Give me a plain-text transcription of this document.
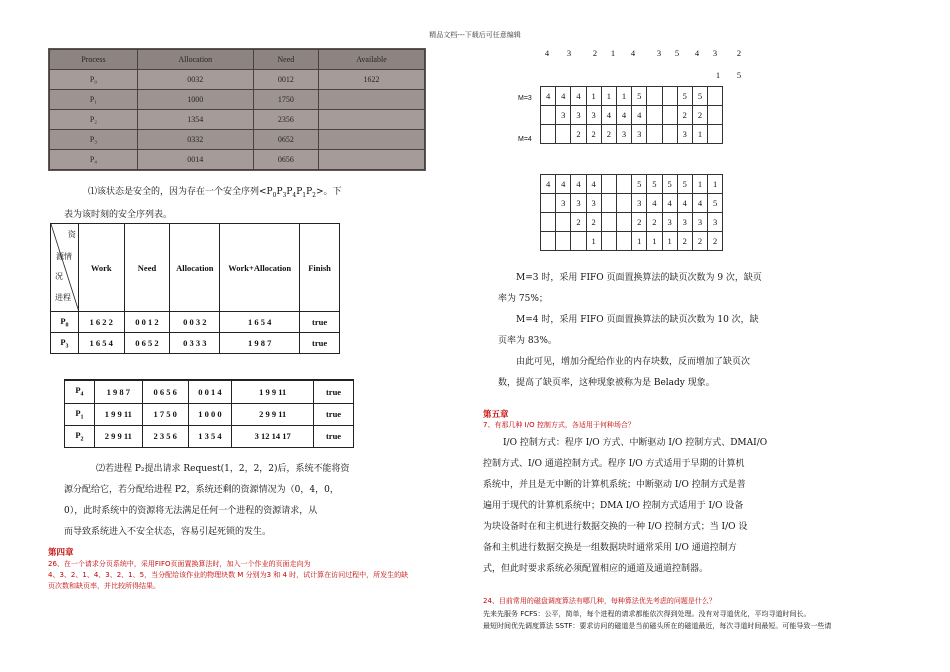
精品文档---下载后可任意编辑
Process	Allocation	Need	Available
P₀	0032	0012	1622
P₁	1000	1750	
P₂	1354	2356	
P₃	0332	0652	
P₄	0014	0656	
⑴该状态是安全的，因为存在一个安全序列$<P_0P_3P_4P_1P_2>$。下
表为该时刻的安全序列表。
资
源情
况
进程	Work	Need	Allocation	Work+Allocation	Finish
$P_0$	1 6 2 2	0 0 1 2	0 0 3 2	1 6 5 4	true
$P_3$	1 6 5 4	0 6 5 2	0 3 3 3	1 9 8 7	true
$P_4$	1 9 8 7	0 6 5 6	0 0 1 4	1 9 9 11	true
$P_1$	1 9 9 11	1 7 5 0	1 0 0 0	2 9 9 11	true
$P_2$	2 9 9 11	2 3 5 6	1 3 5 4	3 12 14 17	true
⑵若进程 P₂提出请求 Request(1，2，2，2)后，系统不能将资
源分配给它，若分配给进程 P2，系统还剩的资源情况为（0，4，0，
0），此时系统中的资源将无法满足任何一个进程的资源请求，从
而导致系统进入不安全状态，容易引起死锁的发生。
第四章
26、在一个请求分页系统中，采用FIFO页面置换算法时，加入一个作业的页面走向为
4、3、2、1、4、3、2、1、5，当分配给该作业的物理块数 M 分别为3 和 4 时，试计算在访问过程中，所发生的缺
页次数和缺页率，并比较所得结果。
4	3	2	1	4	3	5	4	3	2
1	5
M=3
M=4
4	4	4	1	1	1	5			5	5	
	3	3	3	4	4	4			2	2	
		2	2	2	3	3			3	1	
4	4	4	4			5	5	5	5	1	1
	3	3	3			3	4	4	4	4	5
		2	2			2	2	3	3	3	3
			1			1	1	1	2	2	2
M=3 时，采用 FIFO 页面置换算法的缺页次数为 9 次，缺页
率为 75%；
M=4 时，采用 FIFO 页面置换算法的缺页次数为 10 次，缺
页率为 83%。
由此可见，增加分配给作业的内存块数，反而增加了缺页次
数，提高了缺页率，这种现象被称为是 Belady 现象。
第五章
7、有那几种 I/O 控制方式，各适用于何种场合？
I/O 控制方式：程序 I/O 方式、中断驱动 I/O 控制方式、DMAI/O
控制方式、I/O 通道控制方式。程序 I/O 方式适用于早期的计算机
系统中，并且是无中断的计算机系统；中断驱动 I/O 控制方式是普
遍用于现代的计算机系统中；DMA I/O 控制方式适用于 I/O 设备
为块设备时在和主机进行数据交换的一种 I/O 控制方式；当 I/O 设
备和主机进行数据交换是一组数据块时通常采用 I/O 通道控制方
式，但此时要求系统必须配置相应的通道及通道控制器。
24、目前常用的磁盘调度算法有哪几种，每种算法优先考虑的问题是什么？
先来先服务 FCFS：公平，简单，每个进程的请求都能依次得到处理。没有对寻道优化，平均寻道时间长。
最短时间优先调度算法 SSTF：要求访问的磁道是当前磁头所在的磁道最近，每次寻道时间最短。可能导致一些请
